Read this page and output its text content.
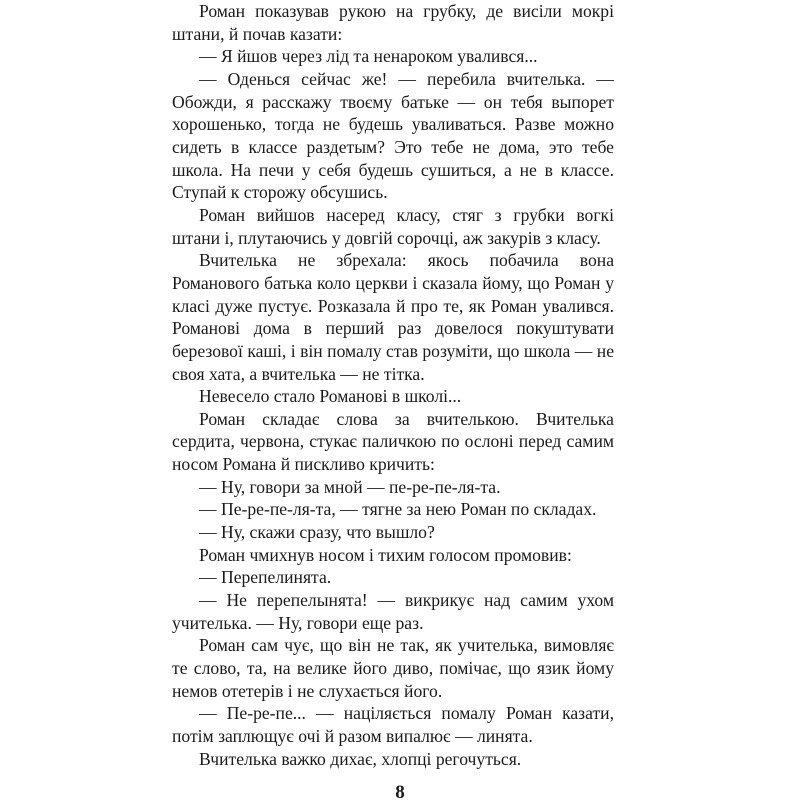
Роман показував рукою на грубку, де висіли мокрі штани, й почав казати:

— Я йшов через лід та ненароком увалився...

— Оденься сейчас же! — перебила вчителька. — Обожди, я расскажу твоєму батьке — он тебя выпорет хорошенько, тогда не будешь уваливаться. Разве можно сидеть в классе раздетым? Это тебе не дома, это тебе школа. На печи у себя будешь сушиться, а не в классе. Ступай к сторожу обсушись.

Роман вийшов насеред класу, стяг з грубки вогкі штани і, плутаючись у довгій сорочці, аж закурів з класу.

Вчителька не збрехала: якось побачила вона Романового батька коло церкви і сказала йому, що Роман у класі дуже пустує. Розказала й про те, як Роман увалився. Романові дома в перший раз довелося покуштувати березової каші, і він помалу став розуміти, що школа — не своя хата, а вчителька — не тітка.

Невесело стало Романові в школі...

Роман складає слова за вчителькою. Вчителька сердита, червона, стукає паличкою по ослоні перед самим носом Романа й пискливо кричить:

— Ну, говори за мной — пе-ре-пе-ля-та.

— Пе-ре-пе-ля-та, — тягне за нею Роман по складах.

— Ну, скажи сразу, что вышло?

Роман чмихнув носом і тихим голосом промовив:

— Перепелинята.

— Не перепелынята! — викрикує над самим ухом учителька. — Ну, говори еще раз.

Роман сам чує, що він не так, як учителька, вимовляє те слово, та, на велике його диво, помічає, що язик йому немов отетерів і не слухається його.

— Пе-ре-пе... — націляється помалу Роман казати, потім заплющує очі й разом випалює — линята.

Вчителька важко дихає, хлопці регочуться.

8
